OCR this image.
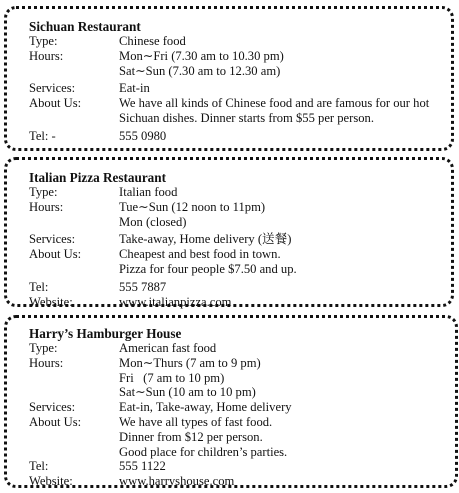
Sichuan Restaurant

Type:	Chinese food
Hours:	Mon∼Fri (7.30 am to 10.30 pm)
Sat∼Sun (7.30 am to 12.30 am)
Services:	Eat-in
About Us:	We have all kinds of Chinese food and are famous for our hot Sichuan dishes. Dinner starts from $55 per person.
Tel: -	555 0980

Italian Pizza Restaurant

Type:	Italian food
Hours:	Tue∼Sun (12 noon to 11pm)
Mon (closed)
Services:	Take-away, Home delivery (送餐)
About Us:	Cheapest and best food in town.
Pizza for four people $7.50 and up.
Tel:	555 7887
Website:	www.italianpizza.com

Harry’s Hamburger House

Type:	American fast food
Hours:	Mon∼Thurs (7 am to 9 pm)
Fri   (7 am to 10 pm)
Sat∼Sun (10 am to 10 pm)
Services:	Eat-in, Take-away, Home delivery
About Us:	We have all types of fast food.
Dinner from $12 per person.
Good place for children’s parties.
Tel:	555 1122
Website:	www.harryshouse.com
